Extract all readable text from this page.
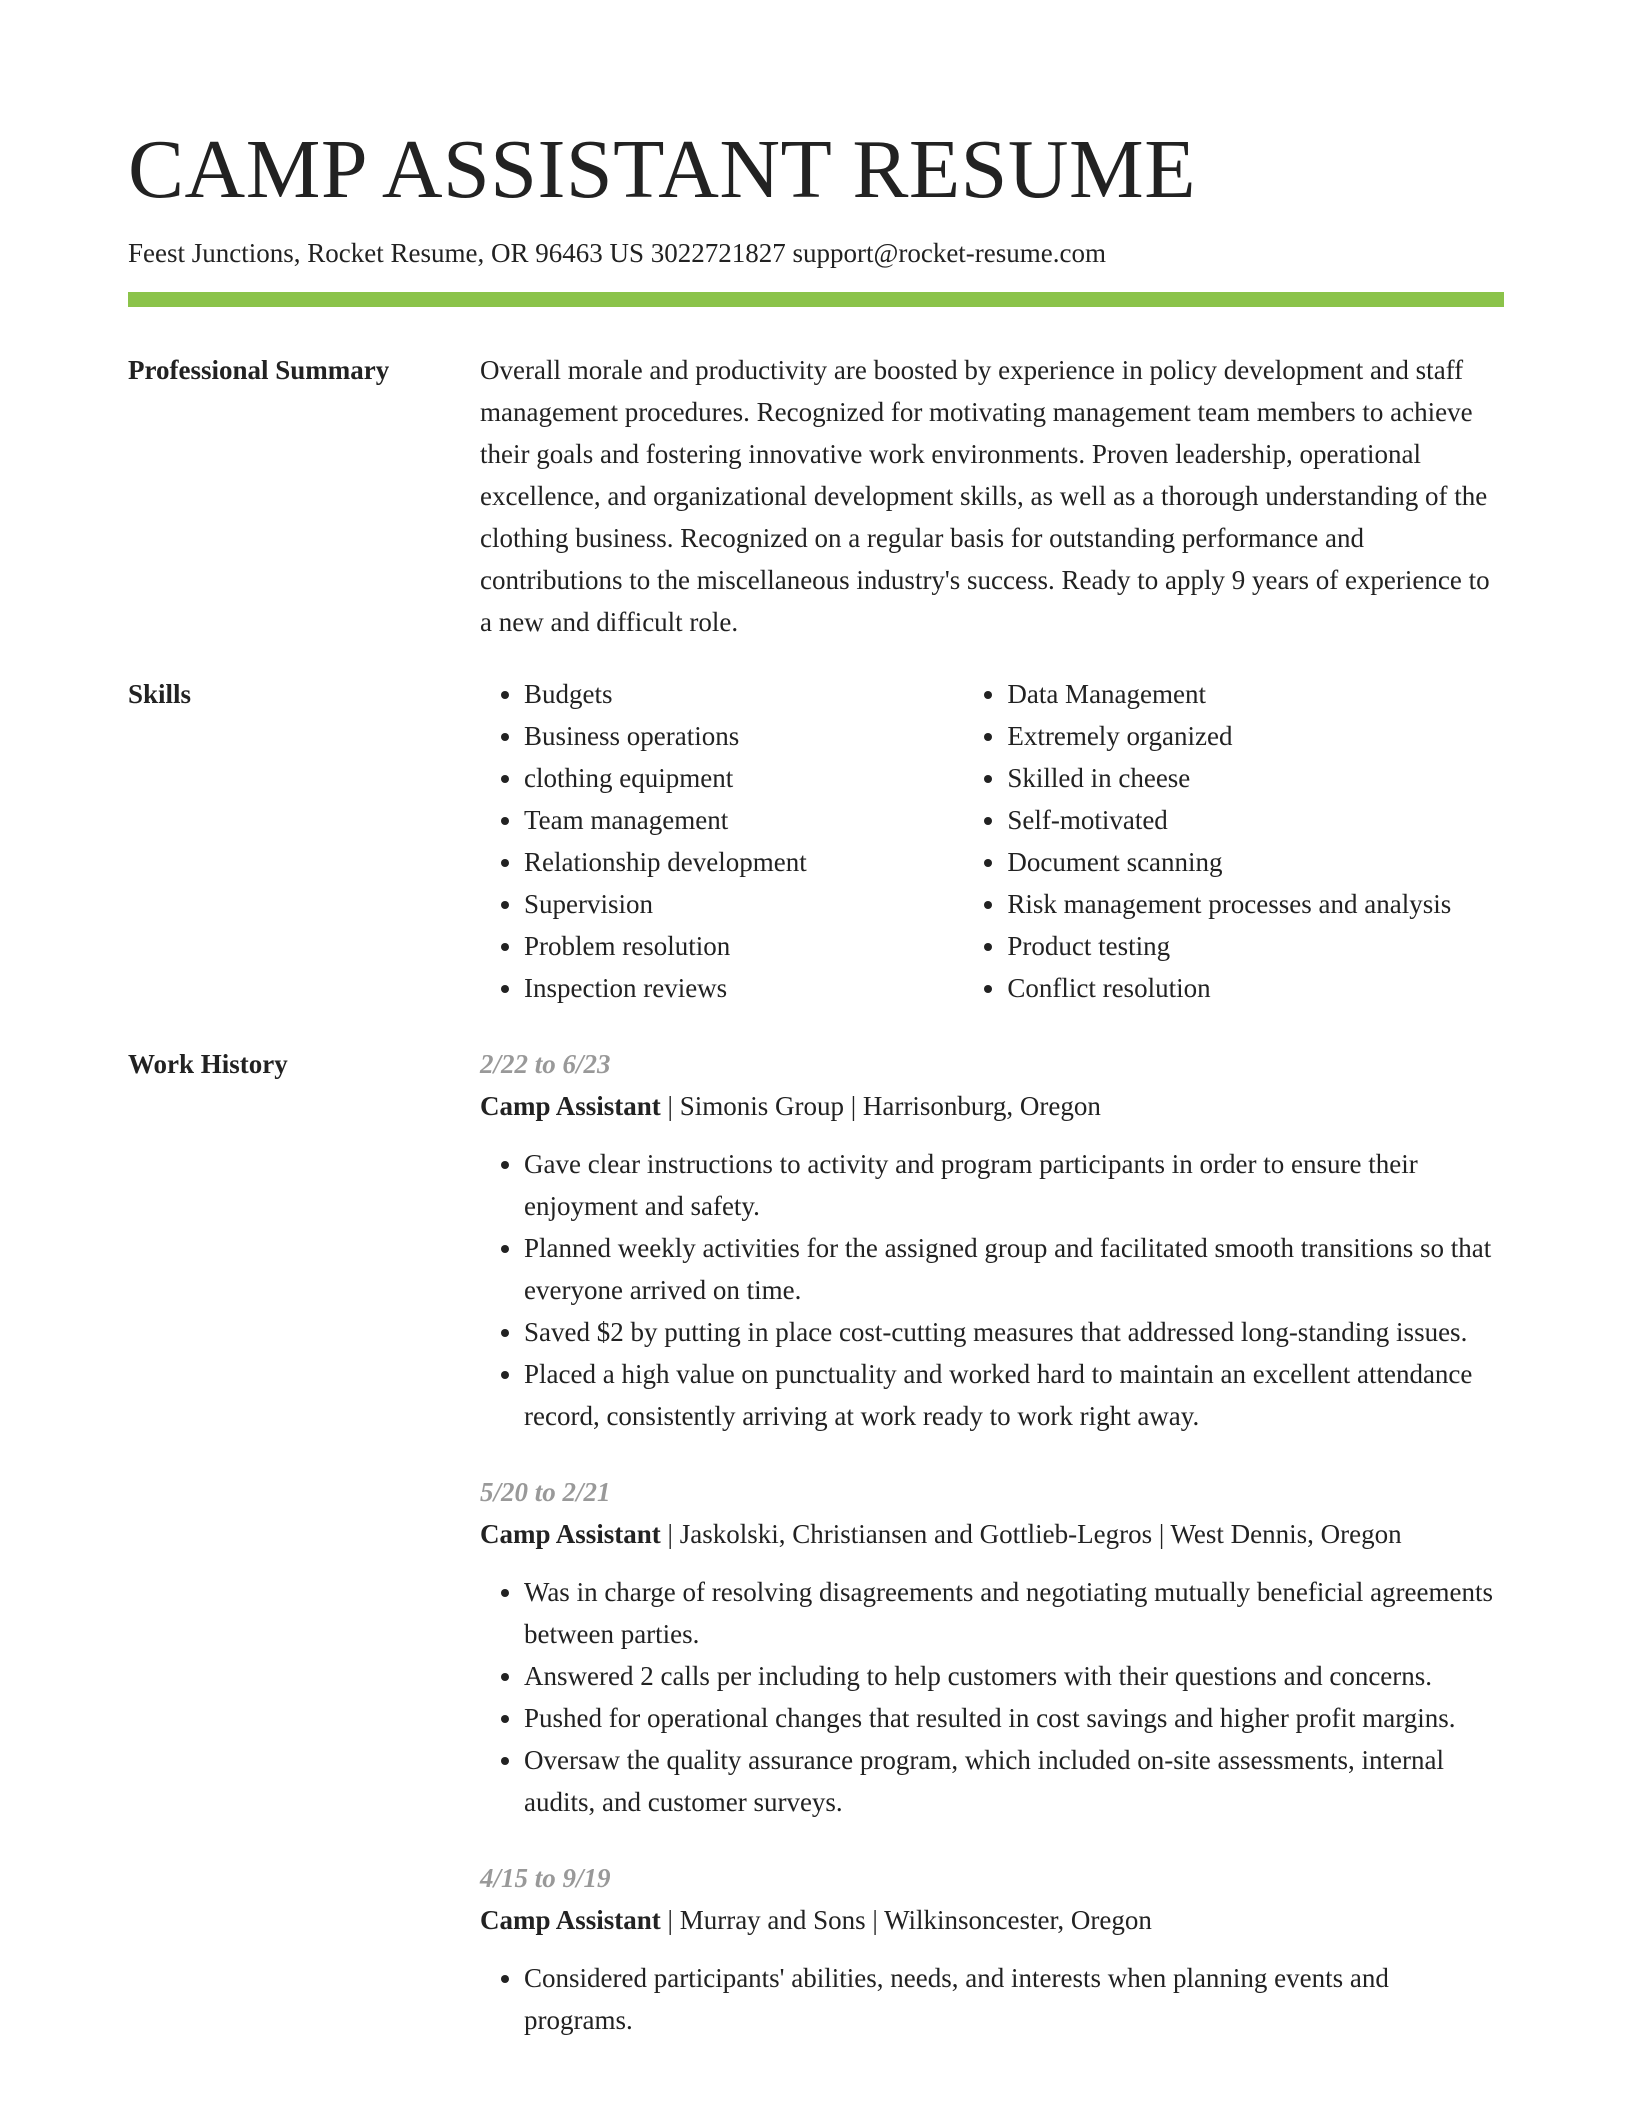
CAMP ASSISTANT RESUME
Feest Junctions, Rocket Resume, OR 96463 US 3022721827 support@rocket-resume.com
Professional Summary	Overall morale and productivity are boosted by experience in policy development and staff management procedures. Recognized for motivating management team members to achieve their goals and fostering innovative work environments. Proven leadership, operational excellence, and organizational development skills, as well as a thorough understanding of the clothing business. Recognized on a regular basis for outstanding performance and contributions to the miscellaneous industry's success. Ready to apply 9 years of experience to a new and difficult role.

Skills
•	Budgets
• Business operations
• clothing equipment
• Team management
• Relationship development
• Supervision
• Problem resolution
• Inspection reviews
• Data Management
• Extremely organized
• Skilled in cheese
• Self-motivated
• Document scanning
• Risk management processes and analysis
• Product testing
• Conflict resolution
Work History	2/22 to 6/23
Camp Assistant | Simonis Group | Harrisonburg, Oregon
• Gave clear instructions to activity and program participants in order to ensure their enjoyment and safety.
• Planned weekly activities for the assigned group and facilitated smooth transitions so that everyone arrived on time.
• Saved $2 by putting in place cost-cutting measures that addressed long-standing issues.
• Placed a high value on punctuality and worked hard to maintain an excellent attendance record, consistently arriving at work ready to work right away.
5/20 to 2/21
Camp Assistant | Jaskolski, Christiansen and Gottlieb-Legros | West Dennis, Oregon
• Was in charge of resolving disagreements and negotiating mutually beneficial agreements between parties.
• Answered 2 calls per including to help customers with their questions and concerns.
• Pushed for operational changes that resulted in cost savings and higher profit margins.
• Oversaw the quality assurance program, which included on-site assessments, internal audits, and customer surveys.
4/15 to 9/19
Camp Assistant | Murray and Sons | Wilkinsoncester, Oregon
• Considered participants' abilities, needs, and interests when planning events and programs.
